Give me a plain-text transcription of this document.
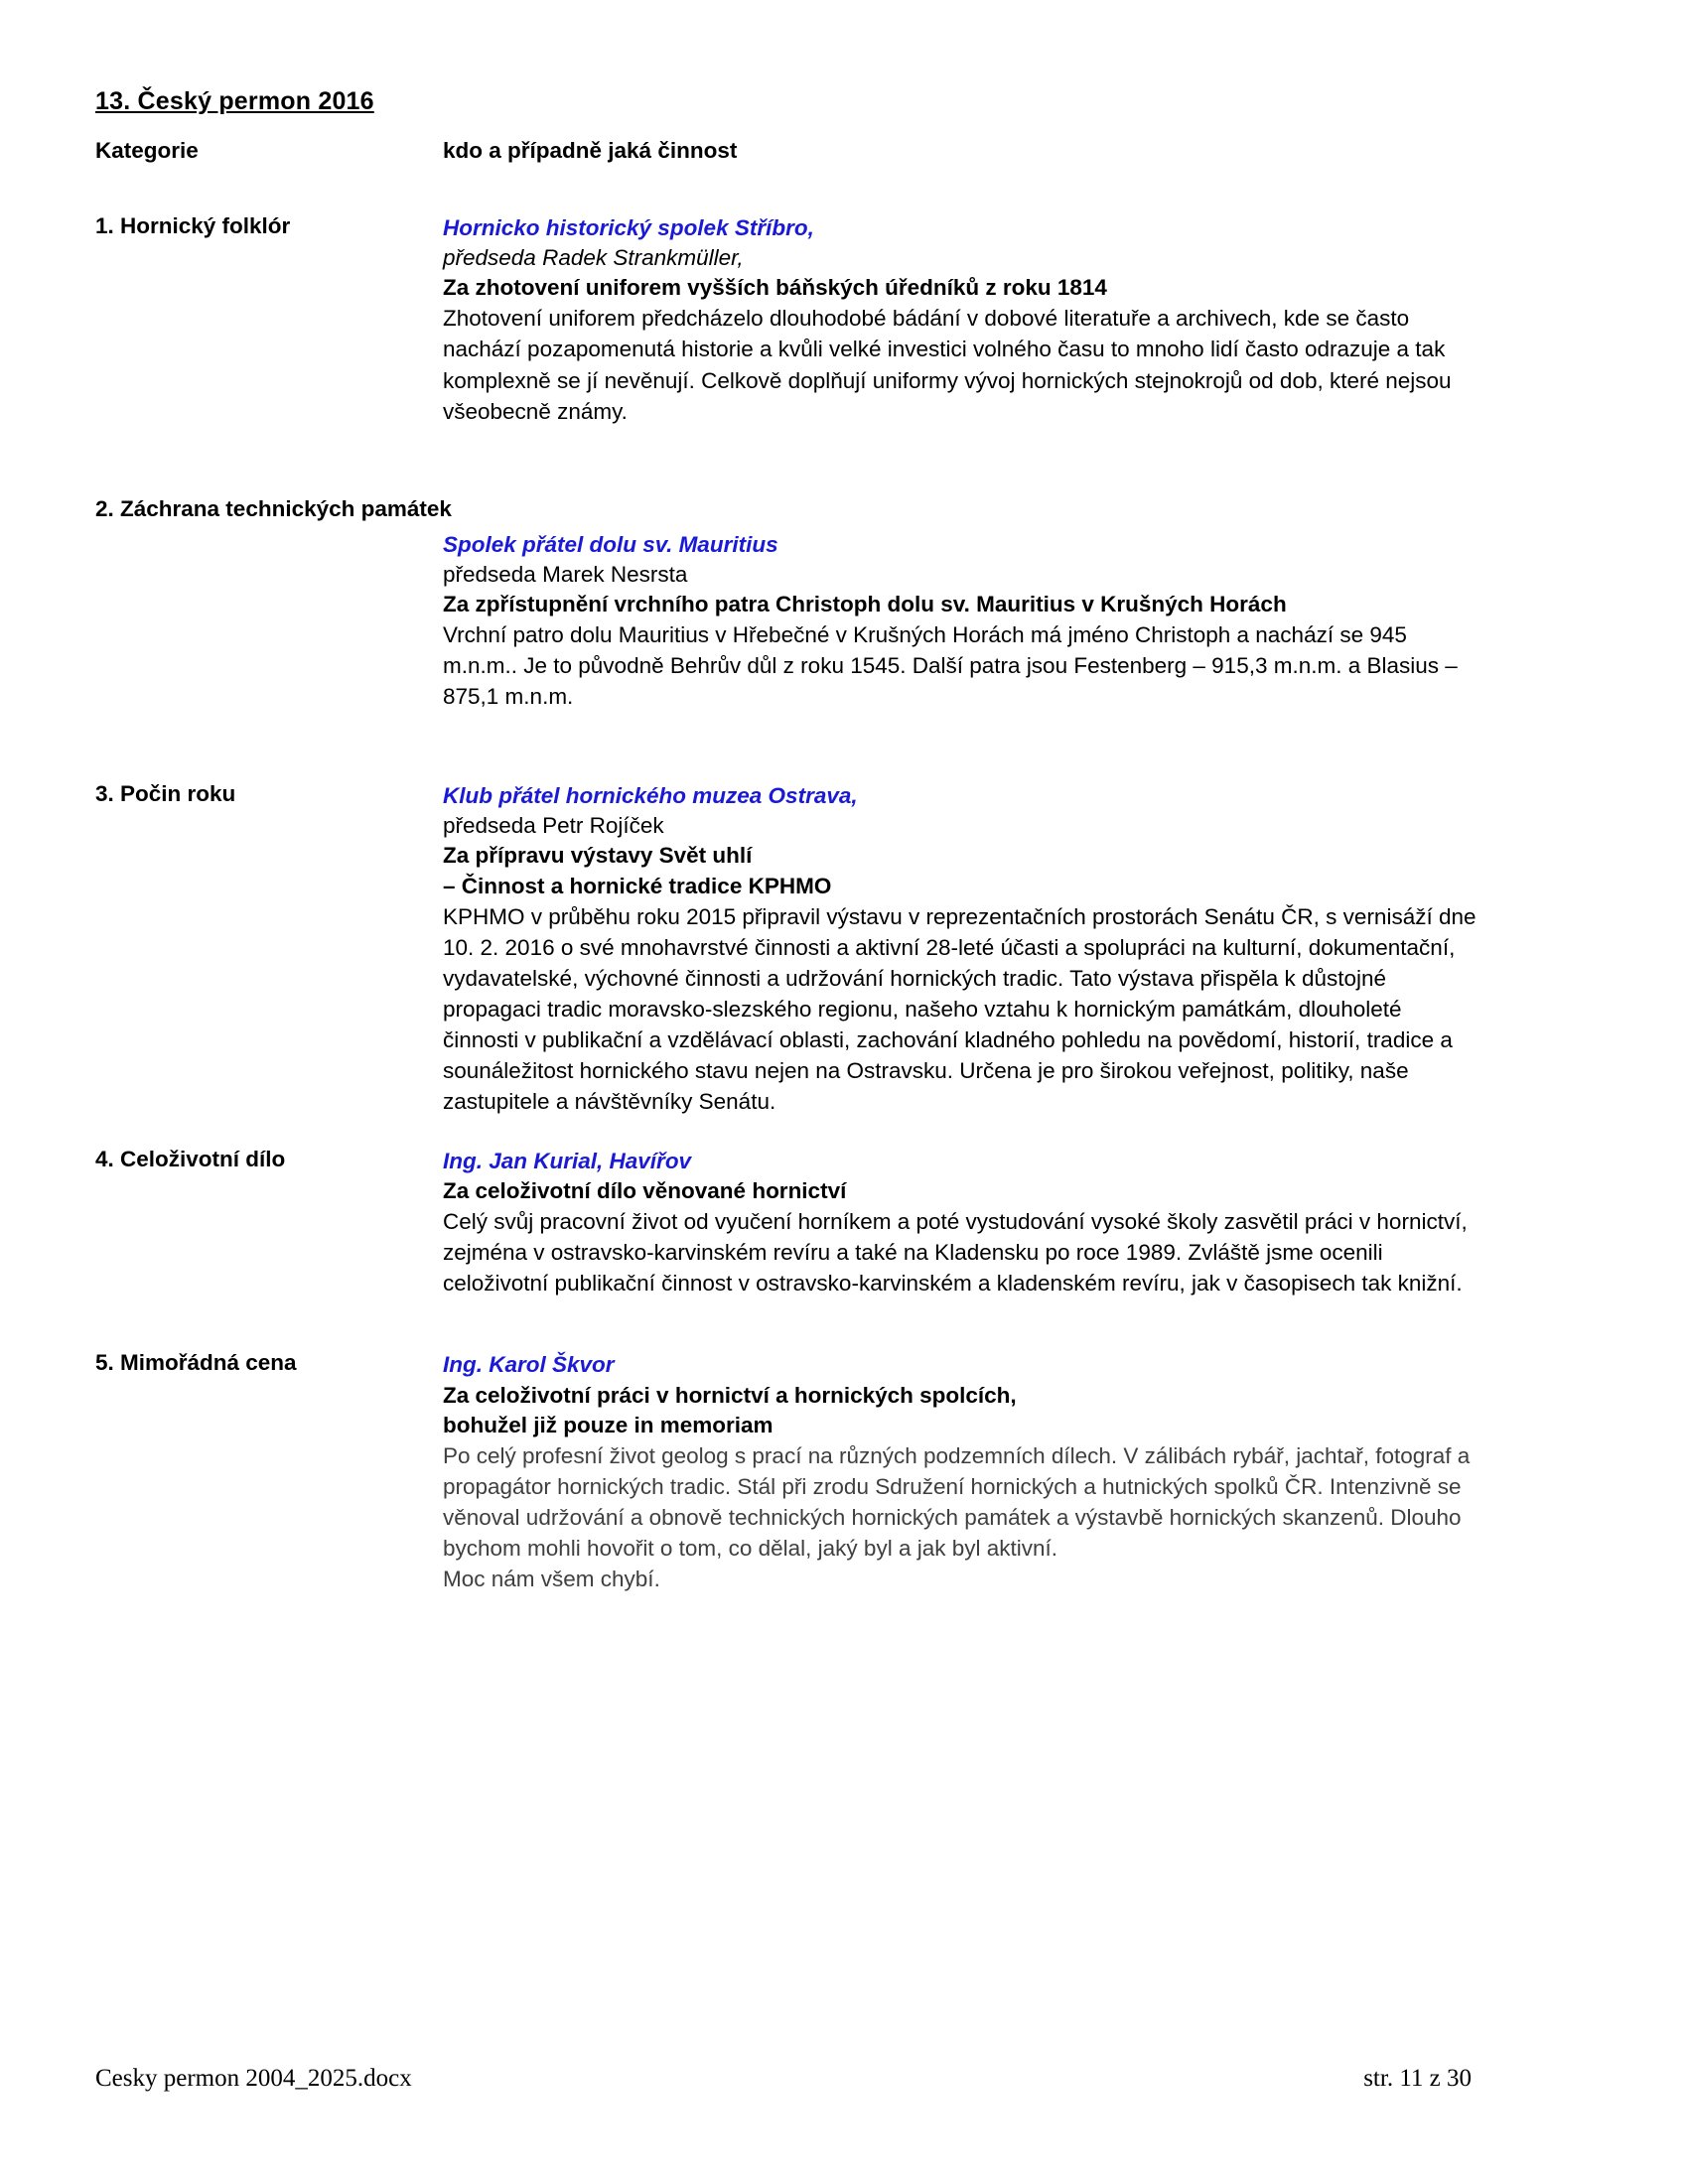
13. Český permon 2016
Kategorie	kdo a případně jaká činnost
1. Hornický folklór	Hornicko historický spolek Stříbro,
předseda Radek Strankmüller,
Za zhotovení uniforem vyšších báňských úředníků z roku 1814
Zhotovení uniforem předcházelo dlouhodobé bádání v dobové literatuře a archivech, kde se často nachází pozapomenutá historie a kvůli velké investici volného času to mnoho lidí často odrazuje a tak komplexně se jí nevěnují. Celkově doplňují uniformy vývoj hornických stejnokrojů od dob, které nejsou všeobecně známy.
2. Záchrana technických památek
Spolek přátel dolu sv. Mauritius
předseda Marek Nesrsta
Za zpřístupnění vrchního patra Christoph dolu sv. Mauritius v Krušných Horách
Vrchní patro dolu Mauritius v Hřebečné v Krušných Horách má jméno Christoph a nachází se 945 m.n.m.. Je to původně Behrův důl z roku 1545. Další patra jsou Festenberg – 915,3 m.n.m. a Blasius – 875,1 m.n.m.
3. Počin roku	Klub přátel hornického muzea Ostrava,
předseda Petr Rojíček
Za přípravu výstavy Svět uhlí
– Činnost a hornické tradice KPHMO
KPHMO v průběhu roku 2015 připravil výstavu v reprezentačních prostorách Senátu ČR, s vernisáží dne 10. 2. 2016 o své mnohavrstvé činnosti a aktivní 28-leté účasti a spolupráci na kulturní, dokumentační, vydavatelské, výchovné činnosti a udržování hornických tradic. Tato výstava přispěla k důstojné propagaci tradic moravsko-slezského regionu, našeho vztahu k hornickým památkám, dlouholeté činnosti v publikační a vzdělávací oblasti, zachování kladného pohledu na povědomí, historií, tradice a sounáležitost hornického stavu nejen na Ostravsku. Určena je pro širokou veřejnost, politiky, naše zastupitele a návštěvníky Senátu.
4. Celoživotní dílo	Ing. Jan Kurial, Havířov
Za celoživotní dílo věnované hornictví
Celý svůj pracovní život od vyučení horníkem a poté vystudování vysoké školy zasvětil práci v hornictví, zejména v ostravsko-karvinském revíru a také na Kladensku po roce 1989. Zvláště jsme ocenili celoživotní publikační činnost v ostravsko-karvinském a kladenském revíru, jak v časopisech tak knižní.
5. Mimořádná cena	Ing. Karol Škvor
Za celoživotní práci v hornictví a hornických spolcích,
bohužel již pouze in memoriam
Po celý profesní život geolog s prací na různých podzemních dílech. V zálibách rybář, jachtař, fotograf a propagátor hornických tradic. Stál při zrodu Sdružení hornických a hutnických spolků ČR. Intenzivně se věnoval udržování a obnově technických hornických památek a výstavbě hornických skanzenů. Dlouho bychom mohli hovořit o tom, co dělal, jaký byl a jak byl aktivní.
Moc nám všem chybí.
Cesky permon 2004_2025.docx	str. 11 z 30
